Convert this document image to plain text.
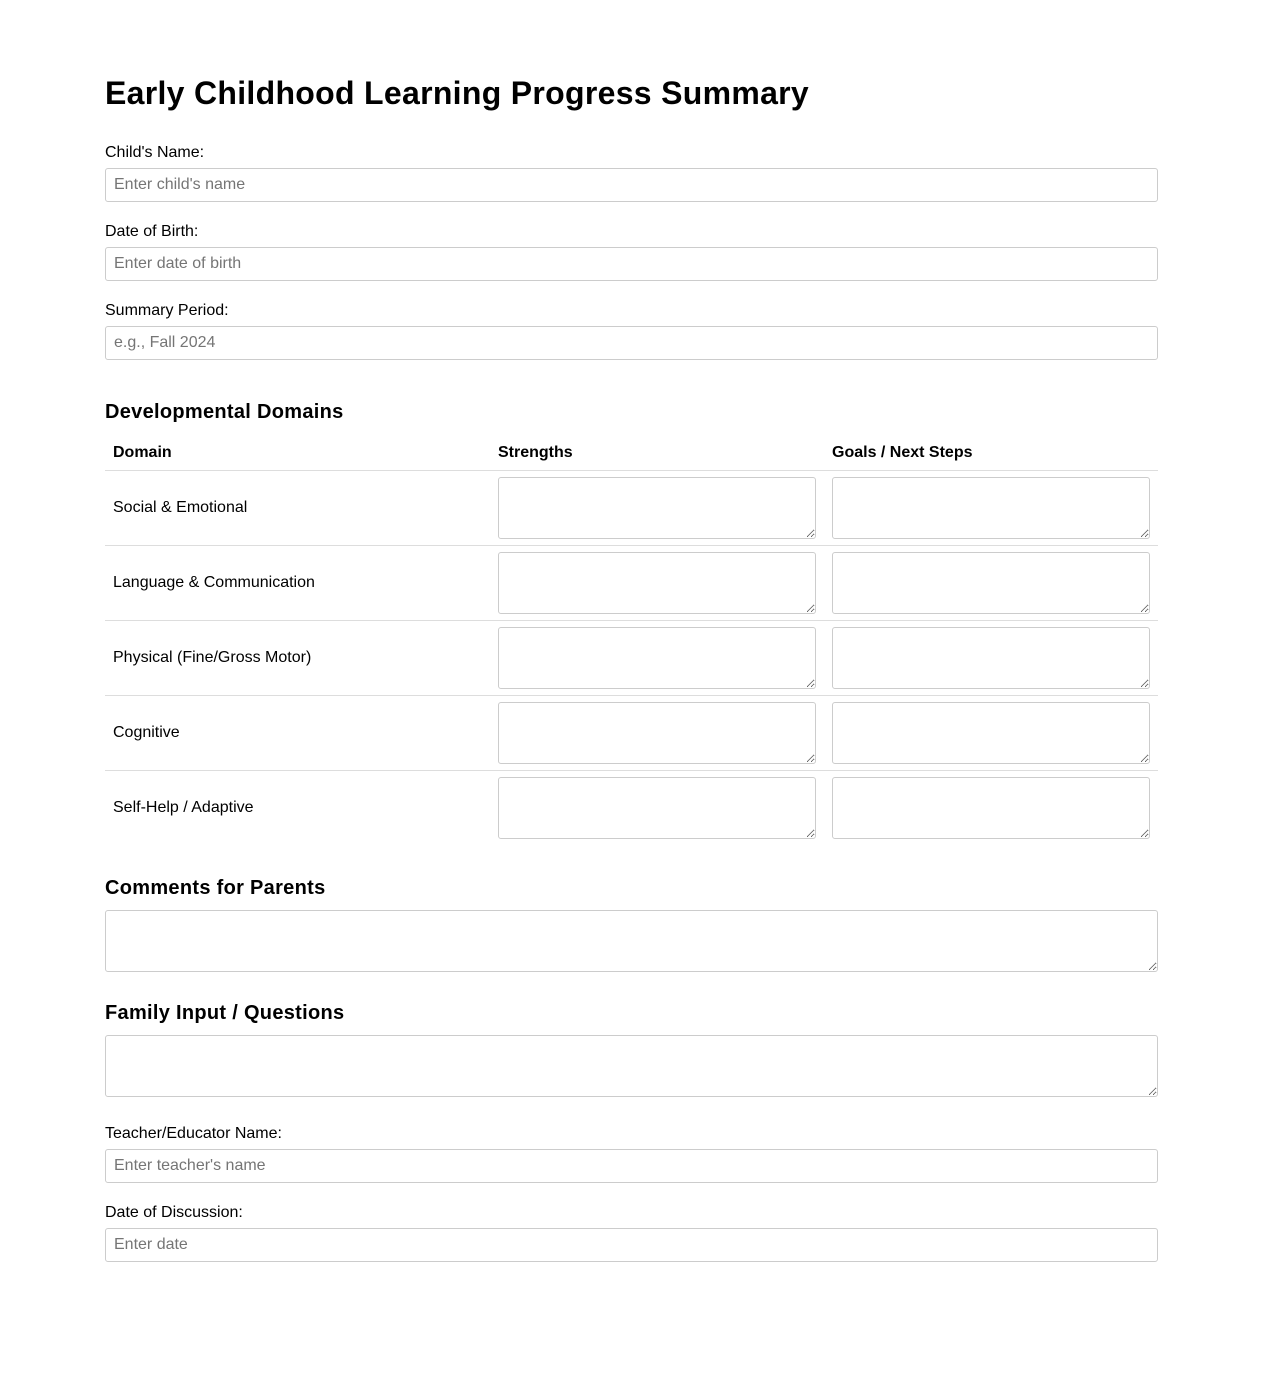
Early Childhood Learning Progress Summary
Child's Name:
Enter child's name
Date of Birth:
Enter date of birth
Summary Period:
e.g., Fall 2024
Developmental Domains
Domain	Strengths	Goals / Next Steps
Social & Emotional	

Language & Communication	

Physical (Fine/Gross Motor)	

Cognitive	

Self-Help / Adaptive	

Comments for Parents
Family Input / Questions
Teacher/Educator Name:
Enter teacher's name
Date of Discussion:
Enter date
